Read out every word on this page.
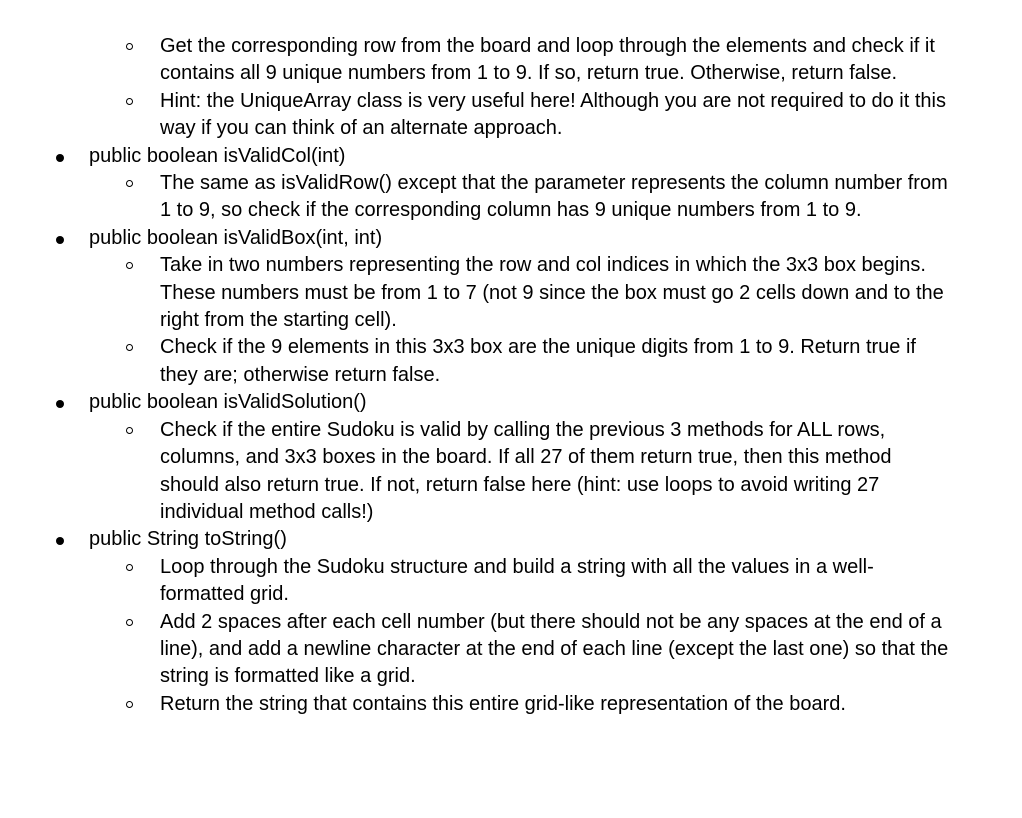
Get the corresponding row from the board and loop through the elements and check if it contains all 9 unique numbers from 1 to 9. If so, return true. Otherwise, return false.
Hint: the UniqueArray class is very useful here! Although you are not required to do it this way if you can think of an alternate approach.
public boolean isValidCol(int)
The same as isValidRow() except that the parameter represents the column number from 1 to 9, so check if the corresponding column has 9 unique numbers from 1 to 9.
public boolean isValidBox(int, int)
Take in two numbers representing the row and col indices in which the 3x3 box begins. These numbers must be from 1 to 7 (not 9 since the box must go 2 cells down and to the right from the starting cell).
Check if the 9 elements in this 3x3 box are the unique digits from 1 to 9. Return true if they are; otherwise return false.
public boolean isValidSolution()
Check if the entire Sudoku is valid by calling the previous 3 methods for ALL rows, columns, and 3x3 boxes in the board. If all 27 of them return true, then this method should also return true. If not, return false here (hint: use loops to avoid writing 27 individual method calls!)
public String toString()
Loop through the Sudoku structure and build a string with all the values in a well-formatted grid.
Add 2 spaces after each cell number (but there should not be any spaces at the end of a line), and add a newline character at the end of each line (except the last one) so that the string is formatted like a grid.
Return the string that contains this entire grid-like representation of the board.
